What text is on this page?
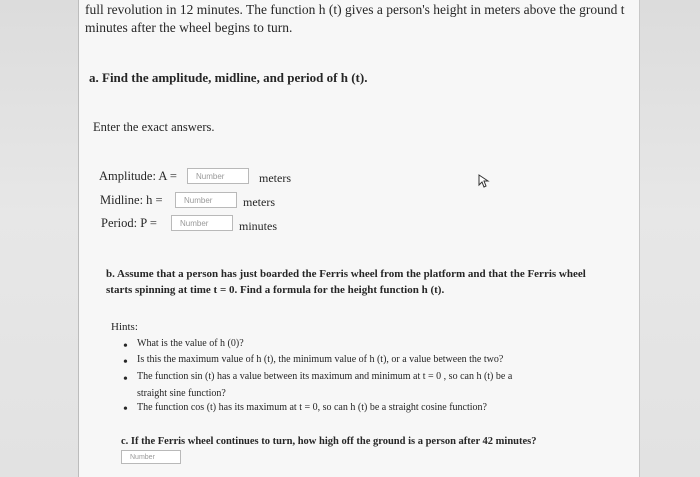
full revolution in 12 minutes. The function h (t) gives a person's height in meters above the ground t
minutes after the wheel begins to turn.
a. Find the amplitude, midline, and period of h (t).
Enter the exact answers.
Amplitude: A =	Number	meters
Midline: h =	Number	meters
Period: P =	Number	minutes
b. Assume that a person has just boarded the Ferris wheel from the platform and that the Ferris wheel
starts spinning at time t = 0. Find a formula for the height function h (t).
Hints:
• What is the value of h (0)?
• Is this the maximum value of h (t), the minimum value of h (t), or a value between the two?
• The function sin (t) has a value between its maximum and minimum at t = 0 , so can h (t) be a
straight sine function?
• The function cos (t) has its maximum at t = 0, so can h (t) be a straight cosine function?
c. If the Ferris wheel continues to turn, how high off the ground is a person after 42 minutes?
Number
